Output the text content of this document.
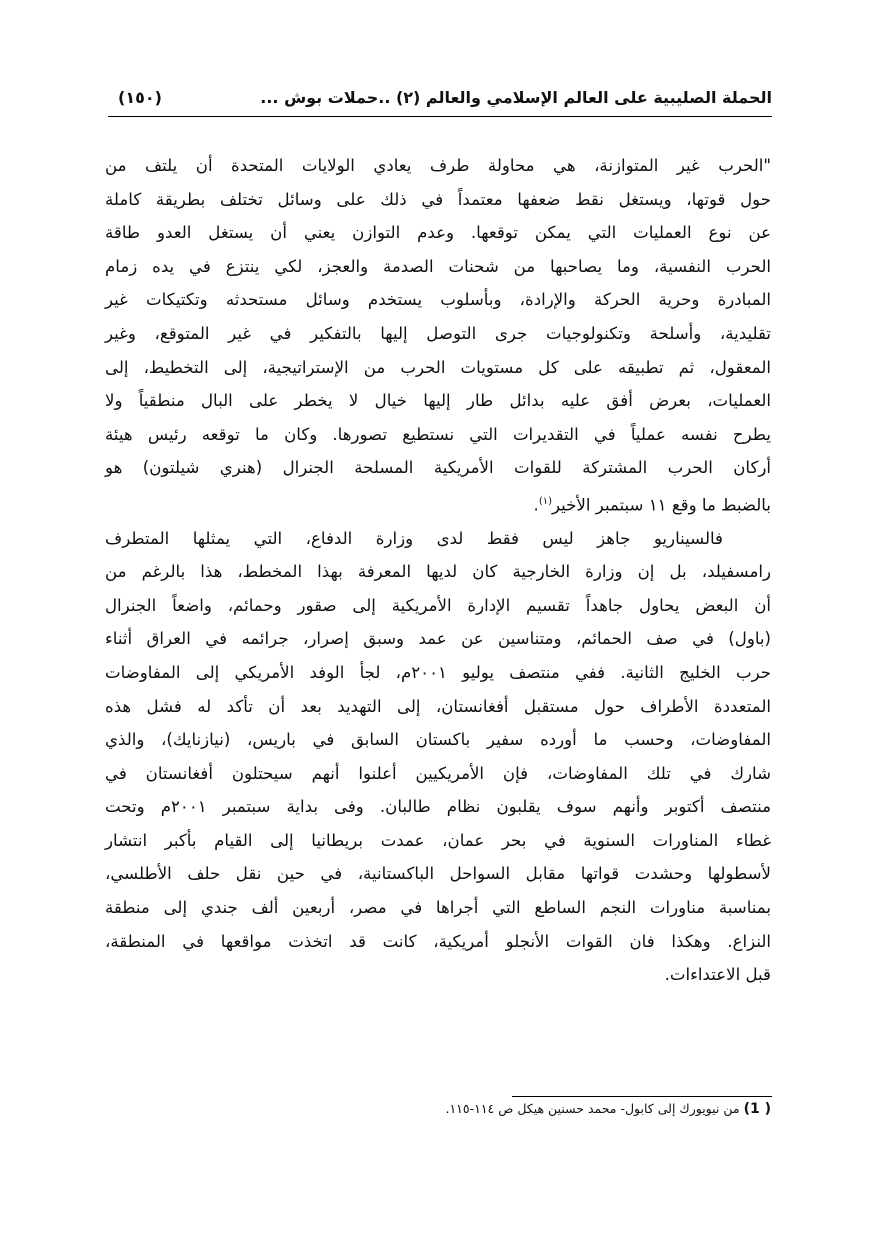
الحملة الصليبية على العالم الإسلامي والعالم (٢) ..حملات بوش ...
(١٥٠)
"الحرب غير المتوازنة، هي محاولة طرف يعادي الولايات المتحدة أن يلتف من
حول قوتها، ويستغل نقط ضعفها معتمداً في ذلك على وسائل تختلف بطريقة كاملة
عن نوع العمليات التي يمكن توقعها. وعدم التوازن يعني أن يستغل العدو طاقة
الحرب النفسية، وما يصاحبها من شحنات الصدمة والعجز، لكي ينتزع في يده زمام
المبادرة وحرية الحركة والإرادة، وبأسلوب يستخدم وسائل مستحدثه وتكتيكات غير
تقليدية، وأسلحة وتكنولوجيات جرى التوصل إليها بالتفكير في غير المتوقع، وغير
المعقول، ثم تطبيقه على كل مستويات الحرب من الإستراتيجية، إلى التخطيط، إلى
العمليات، بعرض أفق عليه بدائل طار إليها خيال لا يخطر على البال منطقياً ولا
يطرح نفسه عملياً في التقديرات التي نستطيع تصورها. وكان ما توقعه رئيس هيئة
أركان الحرب المشتركة للقوات الأمريكية المسلحة الجنرال (هنري شيلتون) هو
بالضبط ما وقع ١١ سبتمبر الأخير$^{(١)}$.
فالسيناريو جاهز ليس فقط لدى وزارة الدفاع، التي يمثلها المتطرف
رامسفيلد، بل إن وزارة الخارجية كان لديها المعرفة بهذا المخطط، هذا بالرغم من
أن البعض يحاول جاهداً تقسيم الإدارة الأمريكية إلى صقور وحمائم، واضعاً الجنرال
(باول) في صف الحمائم، ومتناسين عن عمد وسبق إصرار، جرائمه في العراق أثناء
حرب الخليج الثانية. ففي منتصف يوليو ٢٠٠١م، لجأ الوفد الأمريكي إلى المفاوضات
المتعددة الأطراف حول مستقبل أفغانستان، إلى التهديد بعد أن تأكد له فشل هذه
المفاوضات، وحسب ما أورده سفير باكستان السابق في باريس، (نيازنايك)، والذي
شارك في تلك المفاوضات، فإن الأمريكيين أعلنوا أنهم سيحتلون أفغانستان في
منتصف أكتوبر وأنهم سوف يقلبون نظام طالبان. وفى بداية سبتمبر ٢٠٠١م وتحت
غطاء المناورات السنوية في بحر عمان، عمدت بريطانيا إلى القيام بأكبر انتشار
لأسطولها وحشدت قواتها مقابل السواحل الباكستانية، في حين نقل حلف الأطلسي،
بمناسبة مناورات النجم الساطع التي أجراها في مصر، أربعين ألف جندي إلى منطقة
النزاع. وهكذا فان القوات الأنجلو أمريكية، كانت قد اتخذت مواقعها في المنطقة،
قبل الاعتداءات.
( 1) من نيويورك إلى كابول- محمد حسنين هيكل ص ١١٤-١١٥.
